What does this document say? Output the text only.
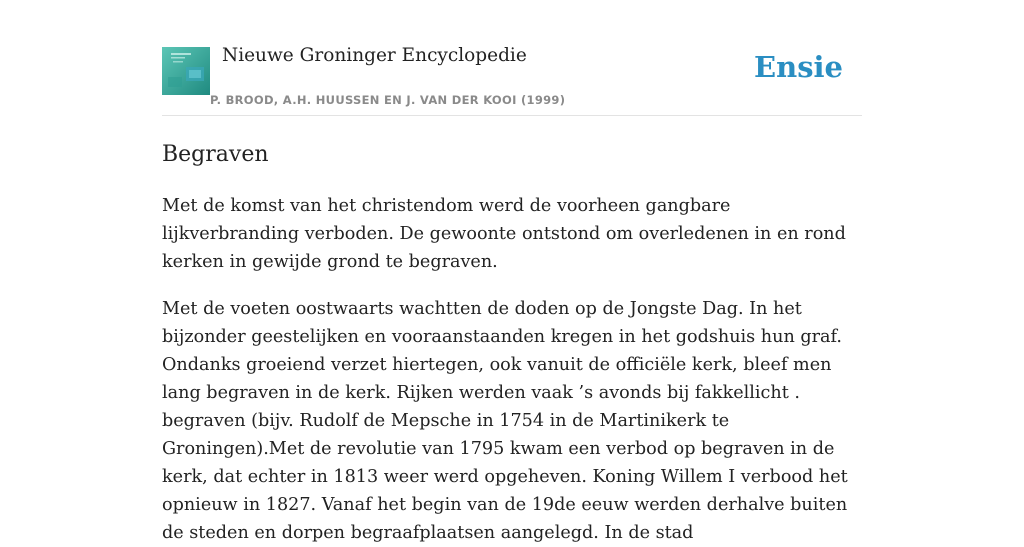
Nieuwe Groninger Encyclopedie
P. BROOD, A.H. HUUSSEN EN J. VAN DER KOOI (1999)
Ensie
Begraven

Met de komst van het christendom werd de voorheen gangbare lijkverbranding verboden. De gewoonte ontstond om overledenen in en rond kerken in gewijde grond te begraven.

Met de voeten oostwaarts wachtten de doden op de Jongste Dag. In het bijzonder geestelijken en vooraanstaanden kregen in het godshuis hun graf. Ondanks groeiend verzet hiertegen, ook vanuit de officiële kerk, bleef men lang begraven in de kerk. Rijken werden vaak ’s avonds bij fakkellicht . begraven (bijv. Rudolf de Mepsche in 1754 in de Martinikerk te Groningen).Met de revolutie van 1795 kwam een verbod op begraven in de kerk, dat echter in 1813 weer werd opgeheven. Koning Willem I verbood het opnieuw in 1827. Vanaf het begin van de 19de eeuw werden derhalve buiten de steden en dorpen begraafplaatsen aangelegd. In de stad
